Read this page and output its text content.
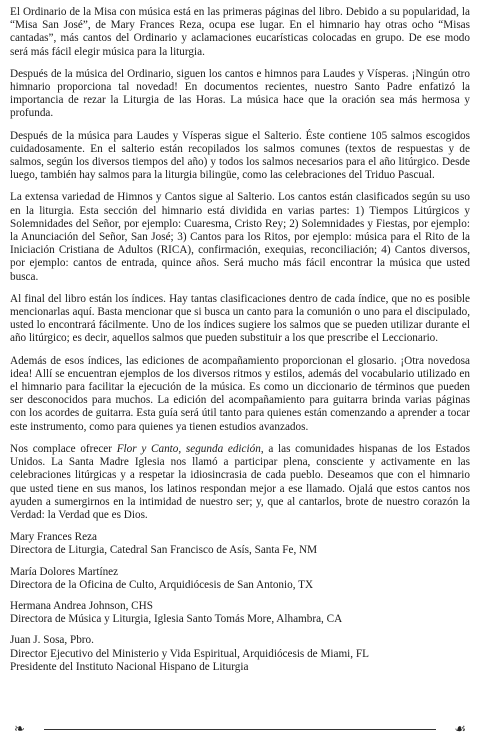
El Ordinario de la Misa con música está en las primeras páginas del libro. Debido a su popularidad, la “Misa San José”, de Mary Frances Reza, ocupa ese lugar. En el himnario hay otras ocho “Misas cantadas”, más cantos del Ordinario y aclamaciones eucarísticas colocadas en grupo. De ese modo será más fácil elegir música para la liturgia.

Después de la música del Ordinario, siguen los cantos e himnos para Laudes y Vísperas. ¡Ningún otro himnario proporciona tal novedad! En documentos recientes, nuestro Santo Padre enfatizó la importancia de rezar la Liturgia de las Horas. La música hace que la oración sea más hermosa y profunda.

Después de la música para Laudes y Vísperas sigue el Salterio. Éste contiene 105 salmos escogidos cuidadosamente. En el salterio están recopilados los salmos comunes (textos de respuestas y de salmos, según los diversos tiempos del año) y todos los salmos necesarios para el año litúrgico. Desde luego, también hay salmos para la liturgia bilingüe, como las celebraciones del Triduo Pascual.

La extensa variedad de Himnos y Cantos sigue al Salterio. Los cantos están clasificados según su uso en la liturgia. Esta sección del himnario está dividida en varias partes: 1) Tiempos Litúrgicos y Solemnidades del Señor, por ejemplo: Cuaresma, Cristo Rey; 2) Solemnidades y Fiestas, por ejemplo: la Anunciación del Señor, San José; 3) Cantos para los Ritos, por ejemplo: música para el Rito de la Iniciación Cristiana de Adultos (RICA), confirmación, exequias, reconciliación; 4) Cantos diversos, por ejemplo: cantos de entrada, quince años. Será mucho más fácil encontrar la música que usted busca.

Al final del libro están los índices. Hay tantas clasificaciones dentro de cada índice, que no es posible mencionarlas aquí. Basta mencionar que si busca un canto para la comunión o uno para el discipulado, usted lo encontrará fácilmente. Uno de los índices sugiere los salmos que se pueden utilizar durante el año litúrgico; es decir, aquellos salmos que pueden substituir a los que prescribe el Leccionario.

Además de esos índices, las ediciones de acompañamiento proporcionan el glosario. ¡Otra novedosa idea! Allí se encuentran ejemplos de los diversos ritmos y estilos, además del vocabulario utilizado en el himnario para facilitar la ejecución de la música. Es como un diccionario de términos que pueden ser desconocidos para muchos. La edición del acompañamiento para guitarra brinda varias páginas con los acordes de guitarra. Esta guía será útil tanto para quienes están comenzando a aprender a tocar este instrumento, como para quienes ya tienen estudios avanzados.

Nos complace ofrecer Flor y Canto, segunda edición, a las comunidades hispanas de los Estados Unidos. La Santa Madre Iglesia nos llamó a participar plena, consciente y activamente en las celebraciones litúrgicas y a respetar la idiosincrasia de cada pueblo. Deseamos que con el himnario que usted tiene en sus manos, los latinos respondan mejor a ese llamado. Ojalá que estos cantos nos ayuden a sumergirnos en la intimidad de nuestro ser; y, que al cantarlos, brote de nuestro corazón la Verdad: la Verdad que es Dios.

Mary Frances Reza
Directora de Liturgia, Catedral San Francisco de Asís, Santa Fe, NM
María Dolores Martínez
Directora de la Oficina de Culto, Arquidiócesis de San Antonio, TX
Hermana Andrea Johnson, CHS
Directora de Música y Liturgia, Iglesia Santo Tomás More, Alhambra, CA
Juan J. Sosa, Pbro.
Director Ejecutivo del Ministerio y Vida Espiritual, Arquidiócesis de Miami, FL
Presidente del Instituto Nacional Hispano de Liturgia
❧	☙
